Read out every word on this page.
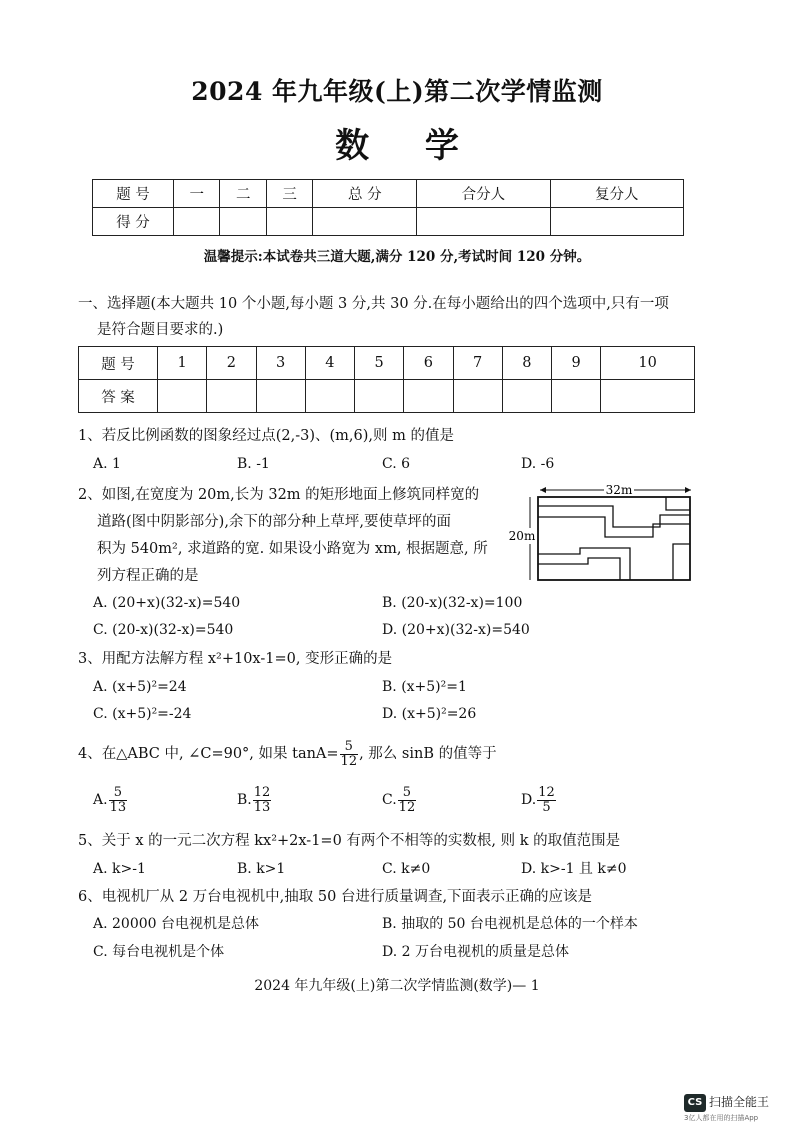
2024 年九年级(上)第二次学情监测
数 学
题 号	一	二	三	总 分	合分人	复分人
得 分						
温馨提示:本试卷共三道大题,满分 120 分,考试时间 120 分钟。
一、选择题(本大题共 10 个小题,每小题 3 分,共 30 分.在每小题给出的四个选项中,只有一项
是符合题目要求的.)
题 号	1	2	3	4	5	6	7	8	9	10
答 案										
1、若反比例函数的图象经过点(2,-3)、(m,6),则 m 的值是
A. 1	B. -1	C. 6	D. -6
2、如图,在宽度为 20m,长为 32m 的矩形地面上修筑同样宽的
道路(图中阴影部分),余下的部分种上草坪,要使草坪的面
积为 540m², 求道路的宽. 如果设小路宽为 xm, 根据题意, 所
列方程正确的是
32m
20m
A. (20+x)(32-x)=540	B. (20-x)(32-x)=100
C. (20-x)(32-x)=540	D. (20+x)(32-x)=540
3、用配方法解方程 x²+10x-1=0, 变形正确的是
A. (x+5)²=24	B. (x+5)²=1
C. (x+5)²=-24	D. (x+5)²=26
4、在△ABC 中, ∠C=90°, 如果 $\tan A= \frac{5}{12}$ , 那么 sinB 的值等于
A. $\frac{5}{13}$	B. $\frac{12}{13}$	C. $\frac{5}{12}$	D. $\frac{12}{5}$
5、关于 x 的一元二次方程 kx²+2x-1=0 有两个不相等的实数根, 则 k 的取值范围是
A. k>-1	B. k>1	C. k≠0	D. k>-1 且 k≠0
6、电视机厂从 2 万台电视机中,抽取 50 台进行质量调查,下面表示正确的应该是
A. 20000 台电视机是总体	B. 抽取的 50 台电视机是总体的一个样本
C. 每台电视机是个体	D. 2 万台电视机的质量是总体
2024 年九年级(上)第二次学情监测(数学)— 1
CS 扫描全能王
3亿人都在用的扫描App
